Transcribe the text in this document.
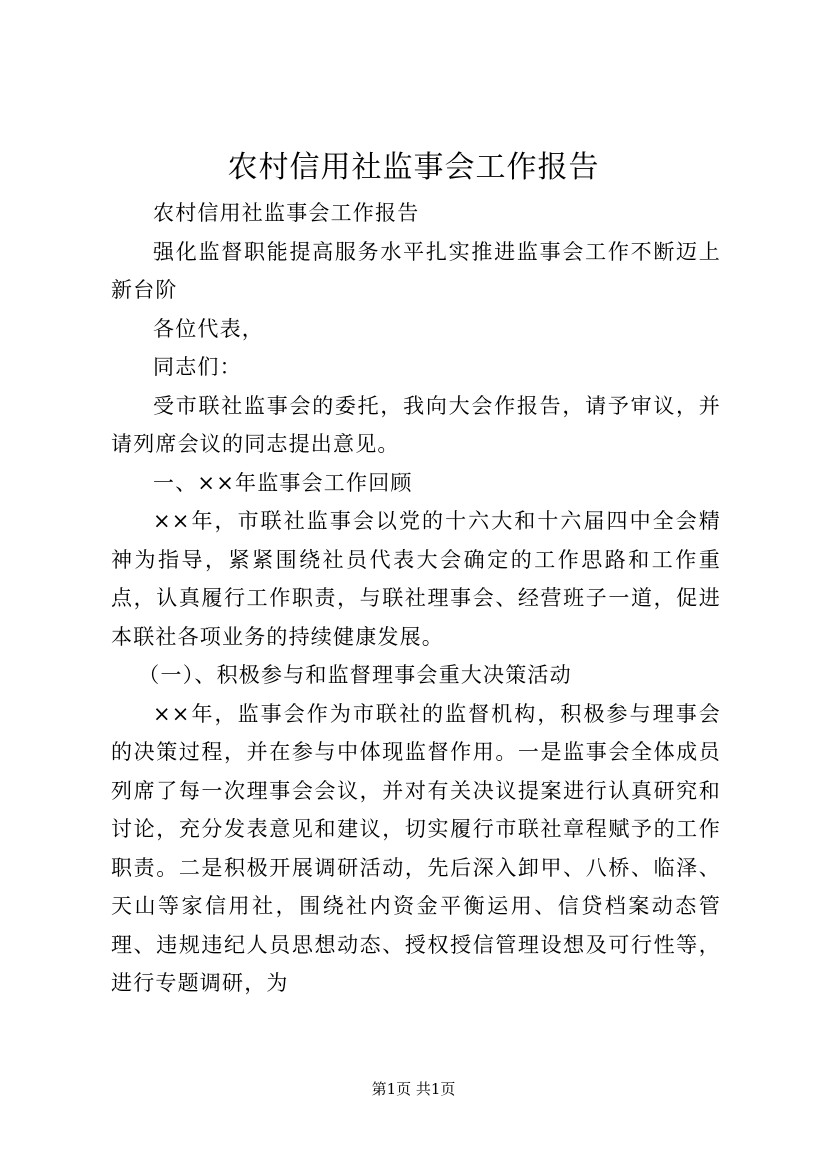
农村信用社监事会工作报告

农村信用社监事会工作报告

强化监督职能提高服务水平扎实推进监事会工作不断迈上新台阶

各位代表，

同志们：

受市联社监事会的委托，我向大会作报告，请予审议，并请列席会议的同志提出意见。

一、××年监事会工作回顾

××年，市联社监事会以党的十六大和十六届四中全会精神为指导，紧紧围绕社员代表大会确定的工作思路和工作重点，认真履行工作职责，与联社理事会、经营班子一道，促进本联社各项业务的持续健康发展。

（一）、积极参与和监督理事会重大决策活动

××年，监事会作为市联社的监督机构，积极参与理事会的决策过程，并在参与中体现监督作用。一是监事会全体成员列席了每一次理事会会议，并对有关决议提案进行认真研究和讨论，充分发表意见和建议，切实履行市联社章程赋予的工作职责。二是积极开展调研活动，先后深入卸甲、八桥、临泽、天山等家信用社，围绕社内资金平衡运用、信贷档案动态管理、违规违纪人员思想动态、授权授信管理设想及可行性等，进行专题调研，为

第1页 共1页
